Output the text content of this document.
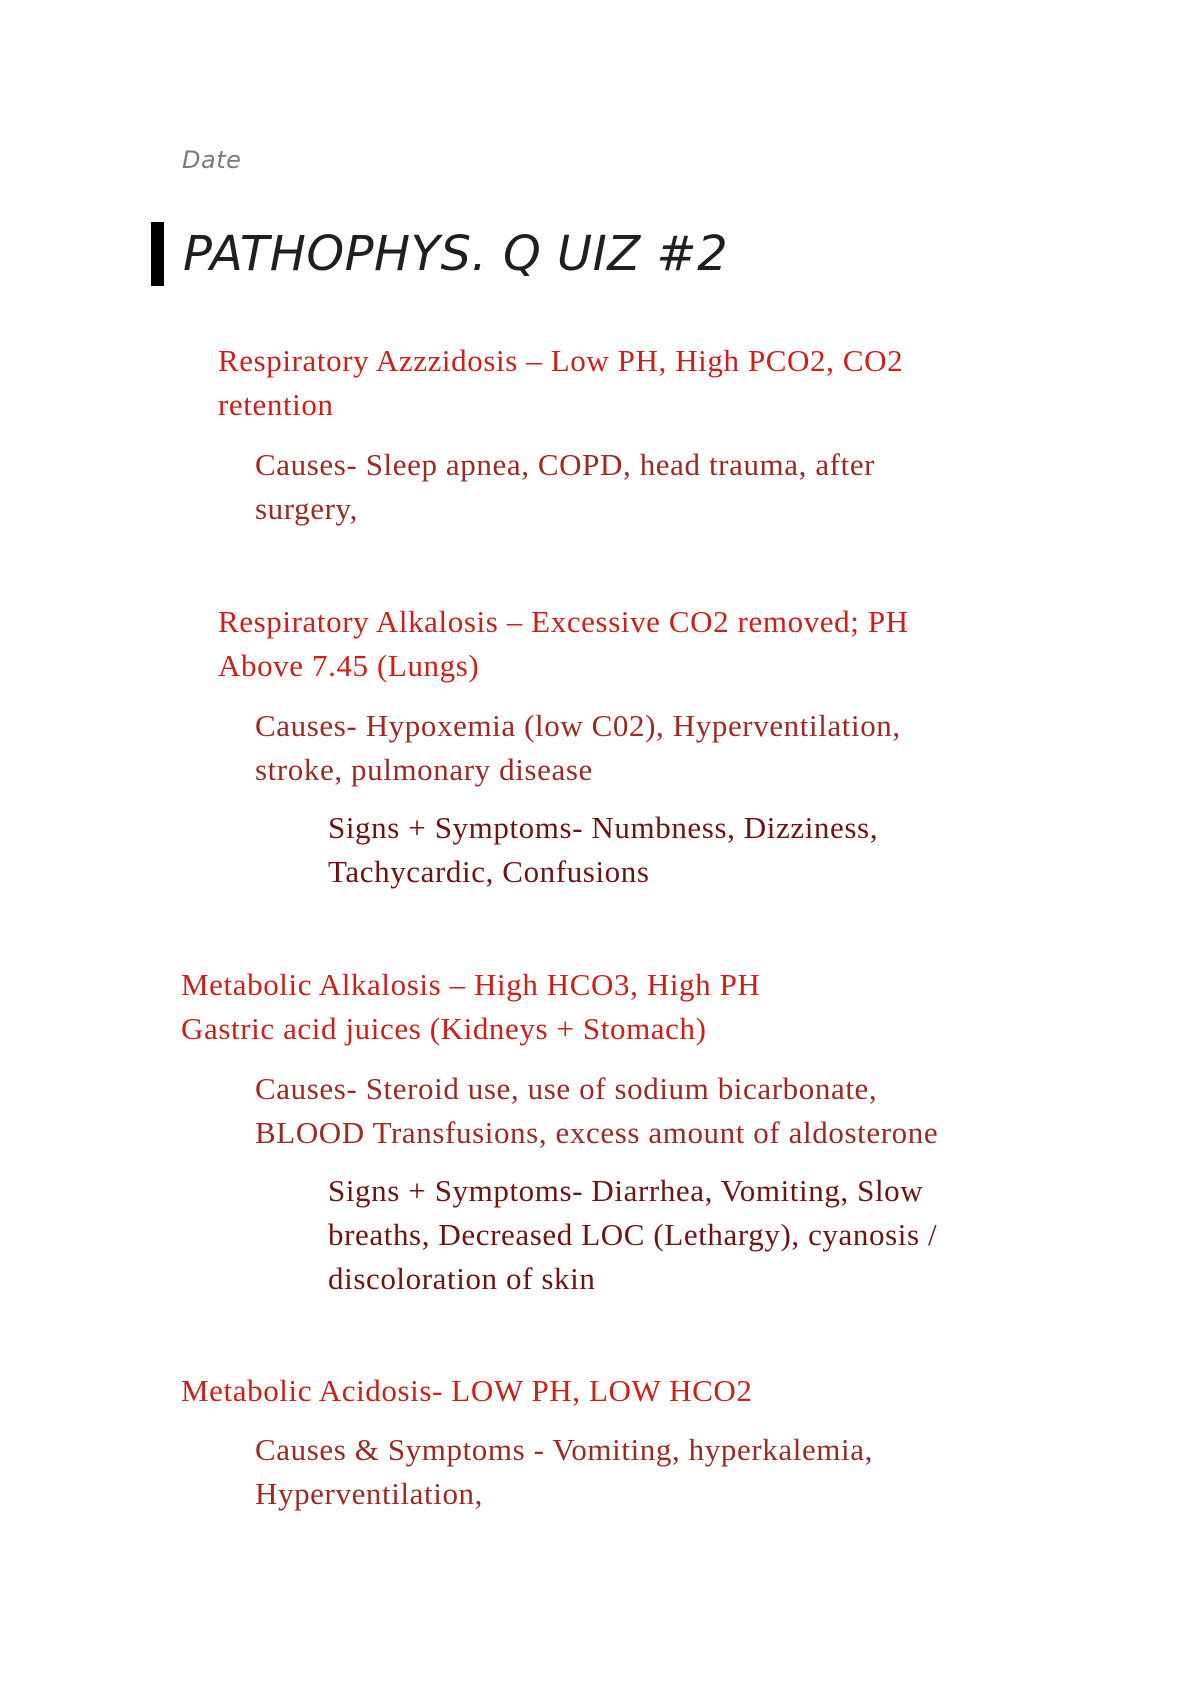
Date
PATHOPHYS. Q UIZ #2
Respiratory Azzzidosis – Low PH, High PCO2, CO2
retention
Causes- Sleep apnea, COPD, head trauma, after
surgery,
Respiratory Alkalosis – Excessive CO2 removed; PH
Above 7.45 (Lungs)
Causes- Hypoxemia (low C02), Hyperventilation,
stroke, pulmonary disease
Signs + Symptoms- Numbness, Dizziness,
Tachycardic, Confusions
Metabolic Alkalosis – High HCO3, High PH
Gastric acid juices (Kidneys + Stomach)
Causes- Steroid use, use of sodium bicarbonate,
BLOOD Transfusions, excess amount of aldosterone
Signs + Symptoms- Diarrhea, Vomiting, Slow
breaths, Decreased LOC (Lethargy), cyanosis /
discoloration of skin
Metabolic Acidosis- LOW PH, LOW HCO2
Causes & Symptoms - Vomiting, hyperkalemia,
Hyperventilation,
